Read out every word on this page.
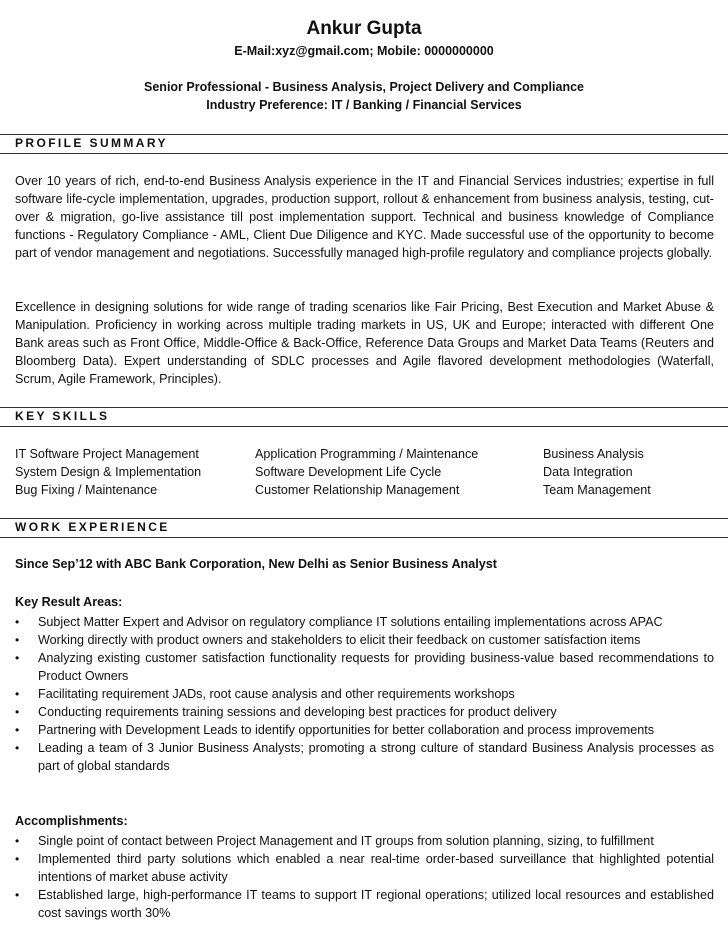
Ankur Gupta
E-Mail:xyz@gmail.com; Mobile: 0000000000
Senior Professional - Business Analysis, Project Delivery and Compliance
Industry Preference: IT / Banking / Financial Services
PROFILE SUMMARY
Over 10 years of rich, end-to-end Business Analysis experience in the IT and Financial Services industries; expertise in full software life-cycle implementation, upgrades, production support, rollout & enhancement from business analysis, testing, cut-over & migration, go-live assistance till post implementation support. Technical and business knowledge of Compliance functions - Regulatory Compliance - AML, Client Due Diligence and KYC. Made successful use of the opportunity to become part of vendor management and negotiations. Successfully managed high-profile regulatory and compliance projects globally.
Excellence in designing solutions for wide range of trading scenarios like Fair Pricing, Best Execution and Market Abuse & Manipulation. Proficiency in working across multiple trading markets in US, UK and Europe; interacted with different One Bank areas such as Front Office, Middle-Office & Back-Office, Reference Data Groups and Market Data Teams (Reuters and Bloomberg Data). Expert understanding of SDLC processes and Agile flavored development methodologies (Waterfall, Scrum, Agile Framework, Principles).
KEY SKILLS
IT Software Project Management
System Design & Implementation
Bug Fixing / Maintenance
Application Programming / Maintenance
Software Development Life Cycle
Customer Relationship Management
Business Analysis
Data Integration
Team Management
WORK EXPERIENCE
Since Sep’12 with ABC Bank Corporation, New Delhi as Senior Business Analyst
Key Result Areas:
• Subject Matter Expert and Advisor on regulatory compliance IT solutions entailing implementations across APAC
• Working directly with product owners and stakeholders to elicit their feedback on customer satisfaction items
• Analyzing existing customer satisfaction functionality requests for providing business-value based recommendations to Product Owners
• Facilitating requirement JADs, root cause analysis and other requirements workshops
• Conducting requirements training sessions and developing best practices for product delivery
• Partnering with Development Leads to identify opportunities for better collaboration and process improvements
• Leading a team of 3 Junior Business Analysts; promoting a strong culture of standard Business Analysis processes as part of global standards
Accomplishments:
• Single point of contact between Project Management and IT groups from solution planning, sizing, to fulfillment
• Implemented third party solutions which enabled a near real-time order-based surveillance that highlighted potential intentions of market abuse activity
• Established large, high-performance IT teams to support IT regional operations; utilized local resources and established cost savings worth 30%
